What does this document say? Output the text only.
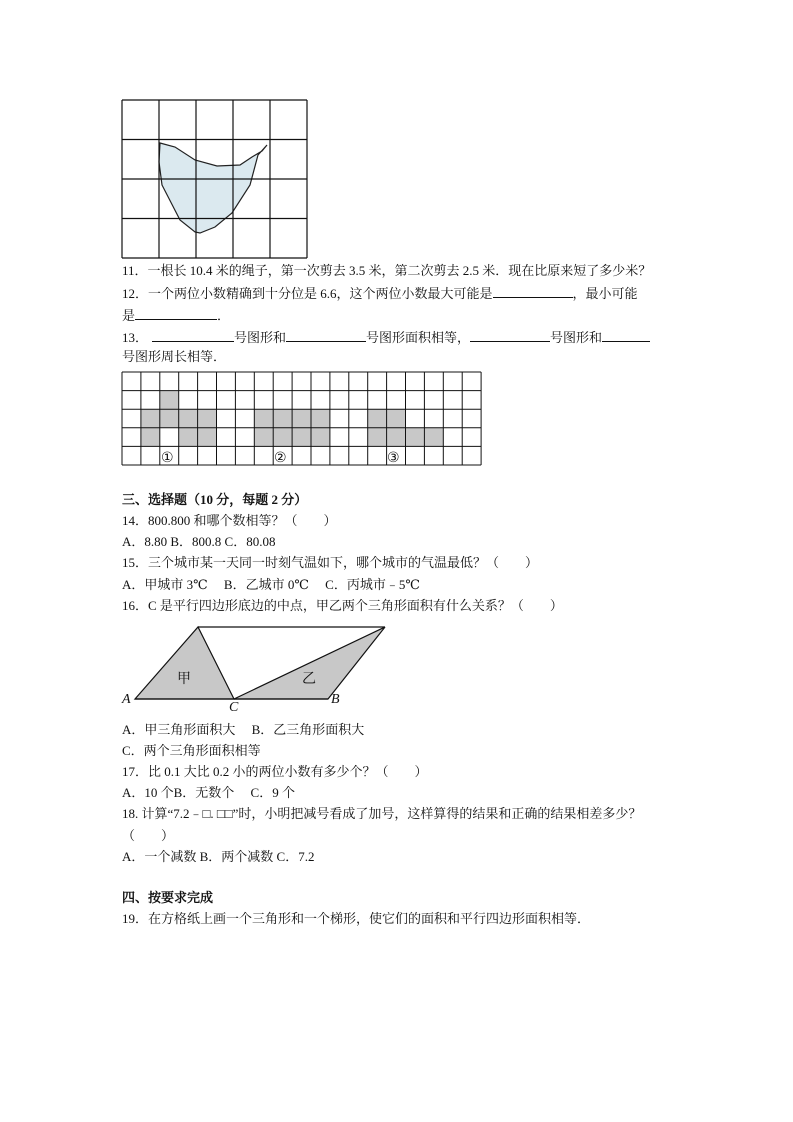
11．一根长 10.4 米的绳子，第一次剪去 3.5 米，第二次剪去 2.5 米．现在比原来短了多少米？
12．一个两位小数精确到十分位是 6.6，这个两位小数最大可能是	，最小可能
是	．
13．	号图形和	号图形面积相等，	号图形和
号图形周长相等．
①	②	③
三、选择题（10 分，每题 2 分）
14．800.800 和哪个数相等？（　　）
A．8.80 B．800.8 C．80.08
15．三个城市某一天同一时刻气温如下，哪个城市的气温最低？（　　）
A．甲城市 3℃　 B．乙城市 0℃　 C．丙城市﹣5℃
16．C 是平行四边形底边的中点，甲乙两个三角形面积有什么关系？（　　）
甲	乙
A
C
B
A．甲三角形面积大　 B．乙三角形面积大
C．两个三角形面积相等
17．比 0.1 大比 0.2 小的两位小数有多少个？（　　）
A．10 个B．无数个　 C．9 个
18. 计算“7.2﹣□. □□”时，小明把减号看成了加号，这样算得的结果和正确的结果相差多少？
（　　）
A．一个减数 B．两个减数 C．7.2
四、按要求完成
19．在方格纸上画一个三角形和一个梯形，使它们的面积和平行四边形面积相等．
